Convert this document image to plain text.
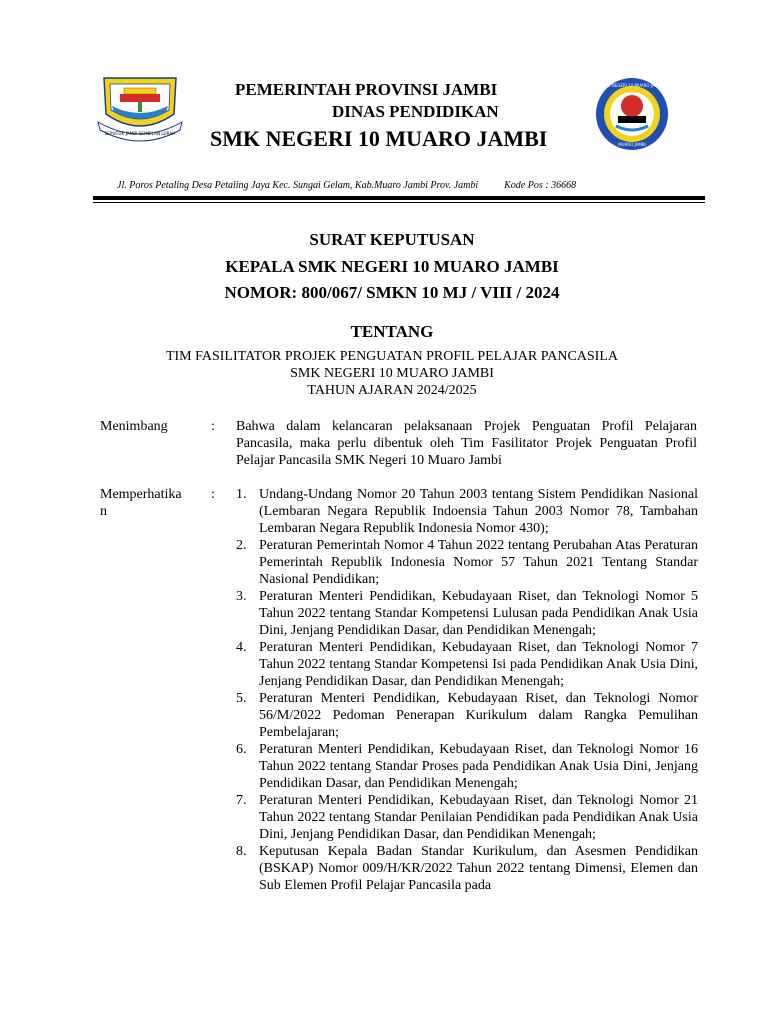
SEPUCUK JAMBI SEMBILAN LURAH
PEMERINTAH PROVINSI JAMBI
DINAS PENDIDIKAN
SMK NEGERI 10 MUARO JAMBI
SMK NEGERI 10 MUARO JAMBI
MUARO JAMBI
Jl. Poros Petaling Desa Petaling Jaya Kec. Sungai Gelam, Kab.Muaro Jambi Prov. Jambi	Kode Pos : 36668
SURAT KEPUTUSAN
KEPALA SMK NEGERI 10 MUARO JAMBI
NOMOR: 800/067/ SMKN 10 MJ / VIII / 2024
TENTANG
TIM FASILITATOR PROJEK PENGUATAN PROFIL PELAJAR PANCASILA
SMK NEGERI 10 MUARO JAMBI
TAHUN AJARAN 2024/2025
Menimbang	: Bahwa dalam kelancaran pelaksanaan Projek Penguatan Profil Pelajaran Pancasila, maka perlu dibentuk oleh Tim Fasilitator Projek Penguatan Profil Pelajar Pancasila SMK Negeri 10 Muaro Jambi
Memperhatika
n
: 1. Undang-Undang Nomor 20 Tahun 2003 tentang Sistem Pendidikan Nasional (Lembaran Negara Republik Indoensia Tahun 2003 Nomor 78, Tambahan Lembaran Negara Republik Indonesia Nomor 430);
2. Peraturan Pemerintah Nomor 4 Tahun 2022 tentang Perubahan Atas Peraturan Pemerintah Republik Indonesia Nomor 57 Tahun 2021 Tentang Standar Nasional Pendidikan;
3. Peraturan Menteri Pendidikan, Kebudayaan Riset, dan Teknologi Nomor 5 Tahun 2022 tentang Standar Kompetensi Lulusan pada Pendidikan Anak Usia Dini, Jenjang Pendidikan Dasar, dan Pendidikan Menengah;
4. Peraturan Menteri Pendidikan, Kebudayaan Riset, dan Teknologi Nomor 7 Tahun 2022 tentang Standar Kompetensi Isi pada Pendidikan Anak Usia Dini, Jenjang Pendidikan Dasar, dan Pendidikan Menengah;
5. Peraturan Menteri Pendidikan, Kebudayaan Riset, dan Teknologi Nomor 56/M/2022 Pedoman Penerapan Kurikulum dalam Rangka Pemulihan Pembelajaran;
6. Peraturan Menteri Pendidikan, Kebudayaan Riset, dan Teknologi Nomor 16 Tahun 2022 tentang Standar Proses pada Pendidikan Anak Usia Dini, Jenjang Pendidikan Dasar, dan Pendidikan Menengah;
7. Peraturan Menteri Pendidikan, Kebudayaan Riset, dan Teknologi Nomor 21 Tahun 2022 tentang Standar Penilaian Pendidikan pada Pendidikan Anak Usia Dini, Jenjang Pendidikan Dasar, dan Pendidikan Menengah;
8. Keputusan Kepala Badan Standar Kurikulum, dan Asesmen Pendidikan (BSKAP) Nomor 009/H/KR/2022 Tahun 2022 tentang Dimensi, Elemen dan Sub Elemen Profil Pelajar Pancasila pada
